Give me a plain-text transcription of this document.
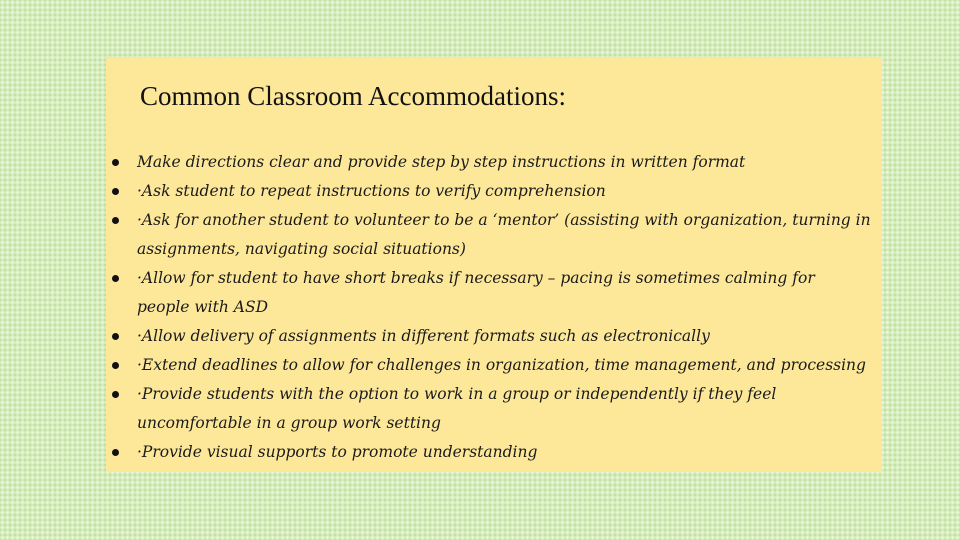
Common Classroom Accommodations:
Make directions clear and provide step by step instructions in written format
·Ask student to repeat instructions to verify comprehension
·Ask for another student to volunteer to be a ‘mentor’ (assisting with organization, turning in assignments, navigating social situations)
·Allow for student to have short breaks if necessary – pacing is sometimes calming for people with ASD
·Allow delivery of assignments in different formats such as electronically
·Extend deadlines to allow for challenges in organization, time management, and processing
·Provide students with the option to work in a group or independently if they feel uncomfortable in a group work setting
·Provide visual supports to promote understanding
